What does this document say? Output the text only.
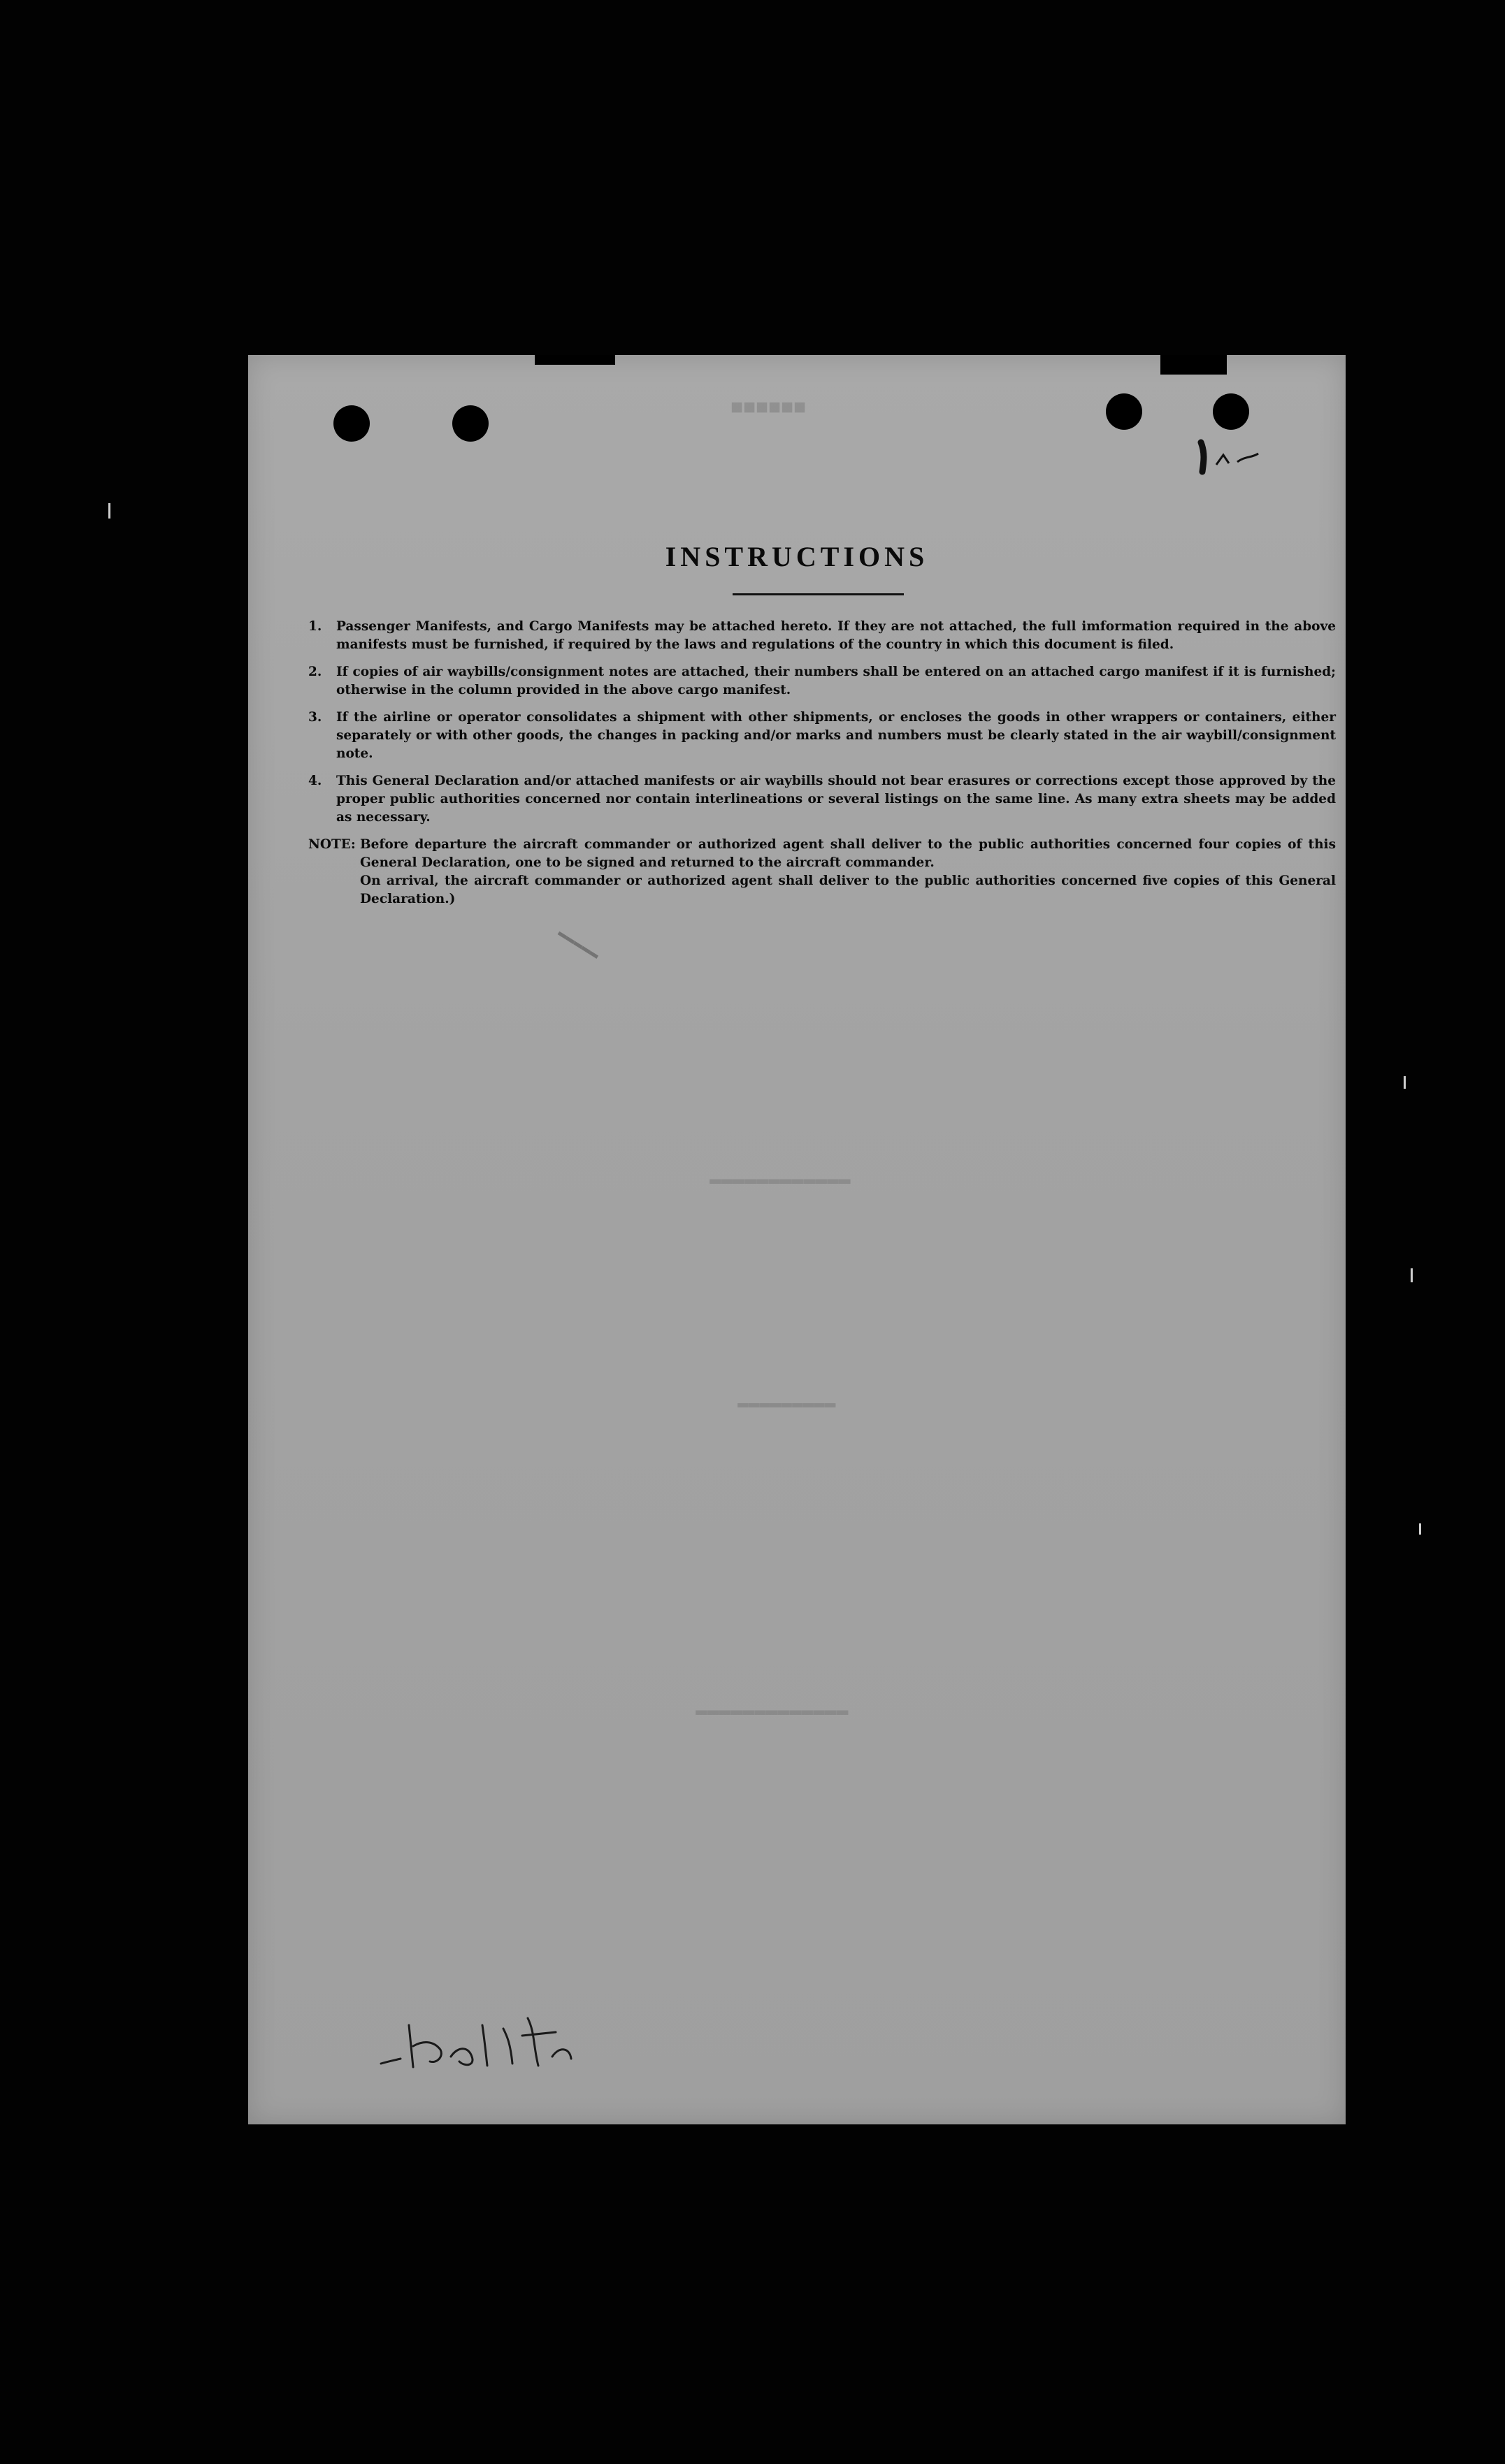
■■■■■■
▬▬▬▬▬▬▬▬▬▬▬▬
▬▬▬▬▬▬▬▬▬
▬▬▬▬▬▬▬▬▬▬▬▬▬
INSTRUCTIONS
1.	Passenger Manifests, and Cargo Manifests may be attached hereto. If they are not attached, the full imformation required in the above manifests must be furnished, if required by the laws and regulations of the country in which this document is filed.
2.	If copies of air waybills/consignment notes are attached, their numbers shall be entered on an attached cargo manifest if it is furnished; otherwise in the column provided in the above cargo manifest.
3.	If the airline or operator consolidates a shipment with other shipments, or encloses the goods in other wrappers or containers, either separately or with other goods, the changes in packing and/or marks and numbers must be clearly stated in the air waybill/consignment note.
4.	This General Declaration and/or attached manifests or air waybills should not bear erasures or corrections except those approved by the proper public authorities concerned nor contain interlineations or several listings on the same line. As many extra sheets may be added as necessary.
NOTE: Before departure the aircraft commander or authorized agent shall deliver to the public authorities concerned four copies of this General Declaration, one to be signed and returned to the aircraft commander.

On arrival, the aircraft commander or authorized agent shall deliver to the public authorities concerned five copies of this General Declaration.)

▬▬▬▬▬
